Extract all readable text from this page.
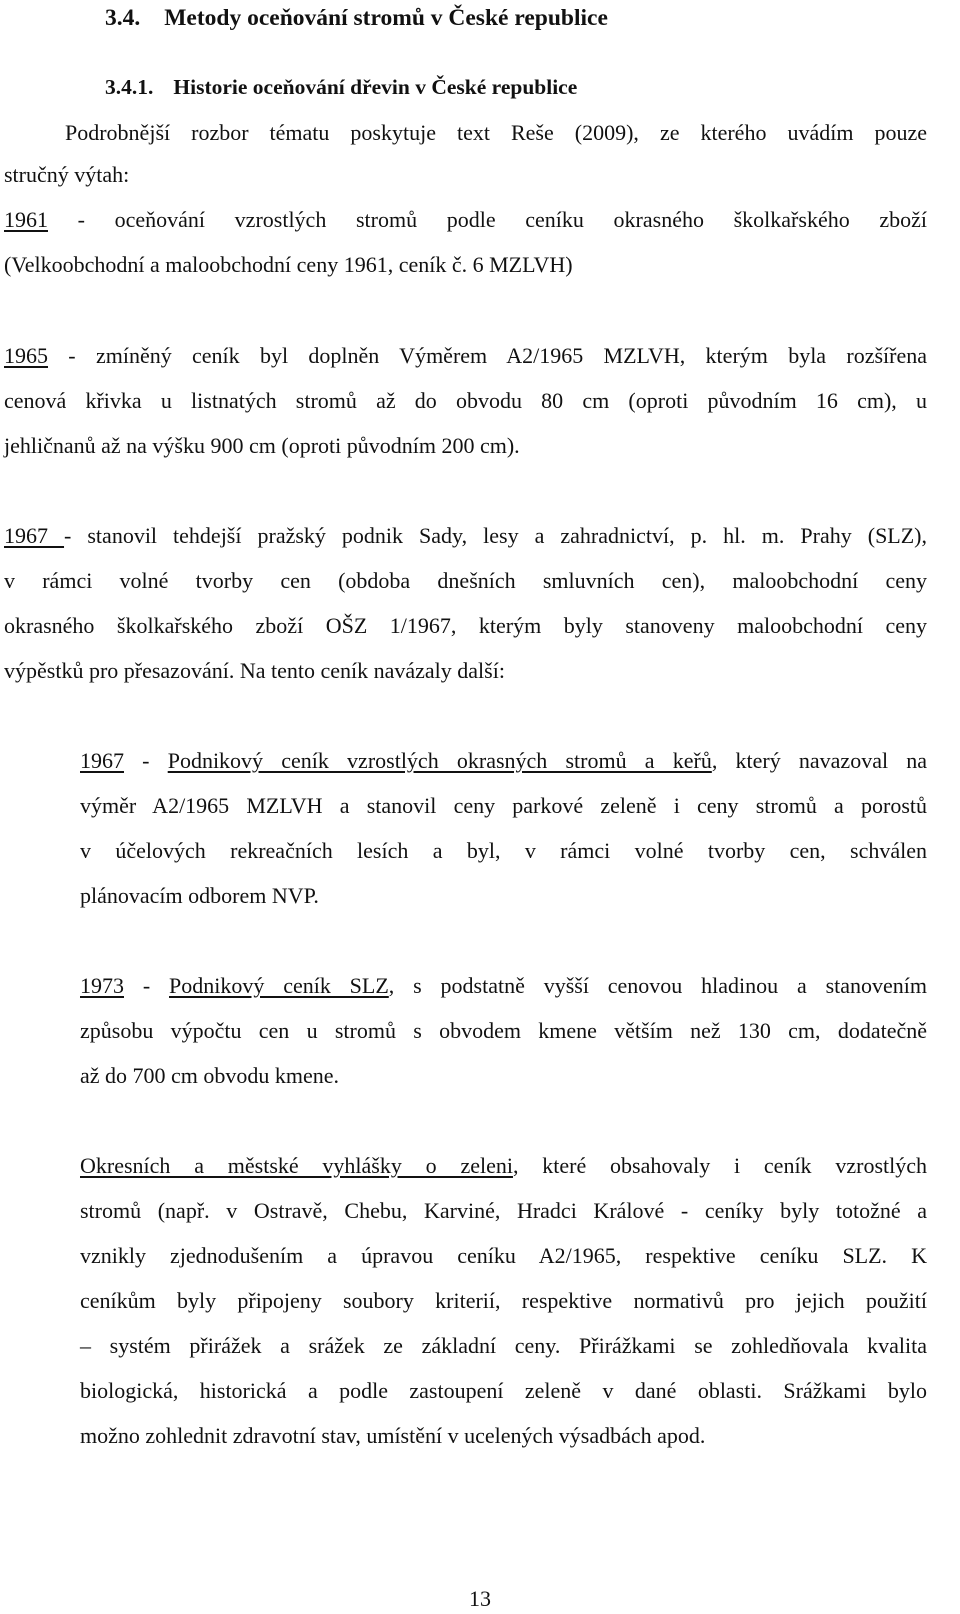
3.4. Metody oceňování stromů v České republice
3.4.1. Historie oceňování dřevin v České republice
Podrobnější rozbor tématu poskytuje text Reše (2009), ze kterého uvádím pouze
stručný výtah:
1961 - oceňování vzrostlých stromů podle ceníku okrasného školkařského zboží
(Velkoobchodní a maloobchodní ceny 1961, ceník č. 6 MZLVH)
1965 - zmíněný ceník byl doplněn Výměrem A2/1965 MZLVH, kterým byla rozšířena
cenová křivka u listnatých stromů až do obvodu 80 cm (oproti původním 16 cm), u
jehličnanů až na výšku 900 cm (oproti původním 200 cm).
1967 - stanovil tehdejší pražský podnik Sady, lesy a zahradnictví, p. hl. m. Prahy (SLZ),
v rámci volné tvorby cen (obdoba dnešních smluvních cen), maloobchodní ceny
okrasného školkařského zboží OŠZ 1/1967, kterým byly stanoveny maloobchodní ceny
výpěstků pro přesazování. Na tento ceník navázaly další:
1967 - Podnikový ceník vzrostlých okrasných stromů a keřů, který navazoval na
výměr A2/1965 MZLVH a stanovil ceny parkové zeleně i ceny stromů a porostů
v účelových rekreačních lesích a byl, v rámci volné tvorby cen, schválen
plánovacím odborem NVP.
1973 - Podnikový ceník SLZ, s podstatně vyšší cenovou hladinou a stanovením
způsobu výpočtu cen u stromů s obvodem kmene větším než 130 cm, dodatečně
až do 700 cm obvodu kmene.
Okresních a městské vyhlášky o zeleni, které obsahovaly i ceník vzrostlých
stromů (např. v Ostravě, Chebu, Karviné, Hradci Králové - ceníky byly totožné a
vznikly zjednodušením a úpravou ceníku A2/1965, respektive ceníku SLZ. K
ceníkům byly připojeny soubory kriterií, respektive normativů pro jejich použití
– systém přirážek a srážek ze základní ceny. Přirážkami se zohledňovala kvalita
biologická, historická a podle zastoupení zeleně v dané oblasti. Srážkami bylo
možno zohlednit zdravotní stav, umístění v ucelených výsadbách apod.
13
